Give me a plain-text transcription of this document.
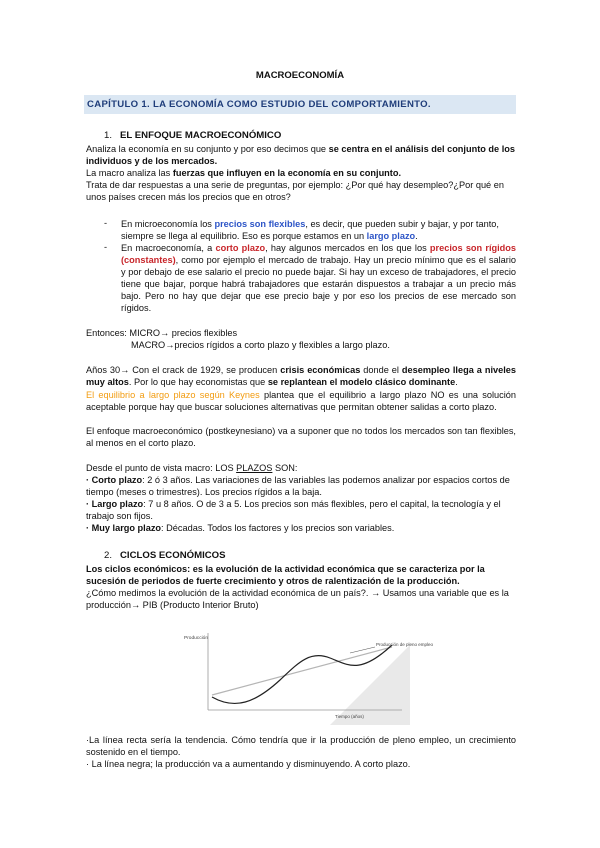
MACROECONOMÍA
CAPÍTULO 1. LA ECONOMÍA COMO ESTUDIO DEL COMPORTAMIENTO.
1. EL ENFOQUE MACROECONÓMICO
Analiza la economía en su conjunto y por eso decimos que se centra en el análisis del conjunto de los individuos y de los mercados.
La macro analiza las fuerzas que influyen en la economía en su conjunto.
Trata de dar respuestas a una serie de preguntas, por ejemplo: ¿Por qué hay desempleo?¿Por qué en unos países crecen más los precios que en otros?
- En microeconomía los precios son flexibles, es decir, que pueden subir y bajar, y por tanto, siempre se llega al equilibrio. Eso es porque estamos en un largo plazo.
- En macroeconomía, a corto plazo, hay algunos mercados en los que los precios son rígidos (constantes), como por ejemplo el mercado de trabajo. Hay un precio mínimo que es el salario y por debajo de ese salario el precio no puede bajar. Si hay un exceso de trabajadores, el precio tiene que bajar, porque habrá trabajadores que estarán dispuestos a trabajar a un precio más bajo. Pero no hay que dejar que ese precio baje y por eso los precios de ese mercado son rígidos.
Entonces: MICRO→ precios flexibles
MACRO→precios rígidos a corto plazo y flexibles a largo plazo.
Años 30→ Con el crack de 1929, se producen crisis económicas donde el desempleo llega a niveles muy altos. Por lo que hay economistas que se replantean el modelo clásico dominante.
El equilibrio a largo plazo según Keynes plantea que el equilibrio a largo plazo NO es una solución aceptable porque hay que buscar soluciones alternativas que permitan obtener salidas a corto plazo.
El enfoque macroeconómico (postkeynesiano) va a suponer que no todos los mercados son tan flexibles, al menos en el corto plazo.
Desde el punto de vista macro: LOS PLAZOS SON:
· Corto plazo: 2 ó 3 años. Las variaciones de las variables las podemos analizar por espacios cortos de tiempo (meses o trimestres). Los precios rígidos a la baja.
· Largo plazo: 7 u 8 años. O de 3 a 5. Los precios son más flexibles, pero el capital, la tecnología y el trabajo son fijos.
· Muy largo plazo: Décadas. Todos los factores y los precios son variables.
2. CICLOS ECONÓMICOS
Los ciclos económicos: es la evolución de la actividad económica que se caracteriza por la sucesión de periodos de fuerte crecimiento y otros de ralentización de la producción.
¿Cómo medimos la evolución de la actividad económica de un país?. → Usamos una variable que es la producción→ PIB (Producto Interior Bruto)
Producción
Tiempo (años)
Producción de pleno empleo
·La línea recta sería la tendencia. Cómo tendría que ir la producción de pleno empleo, un crecimiento sostenido en el tiempo.
· La línea negra; la producción va a aumentando y disminuyendo. A corto plazo.
